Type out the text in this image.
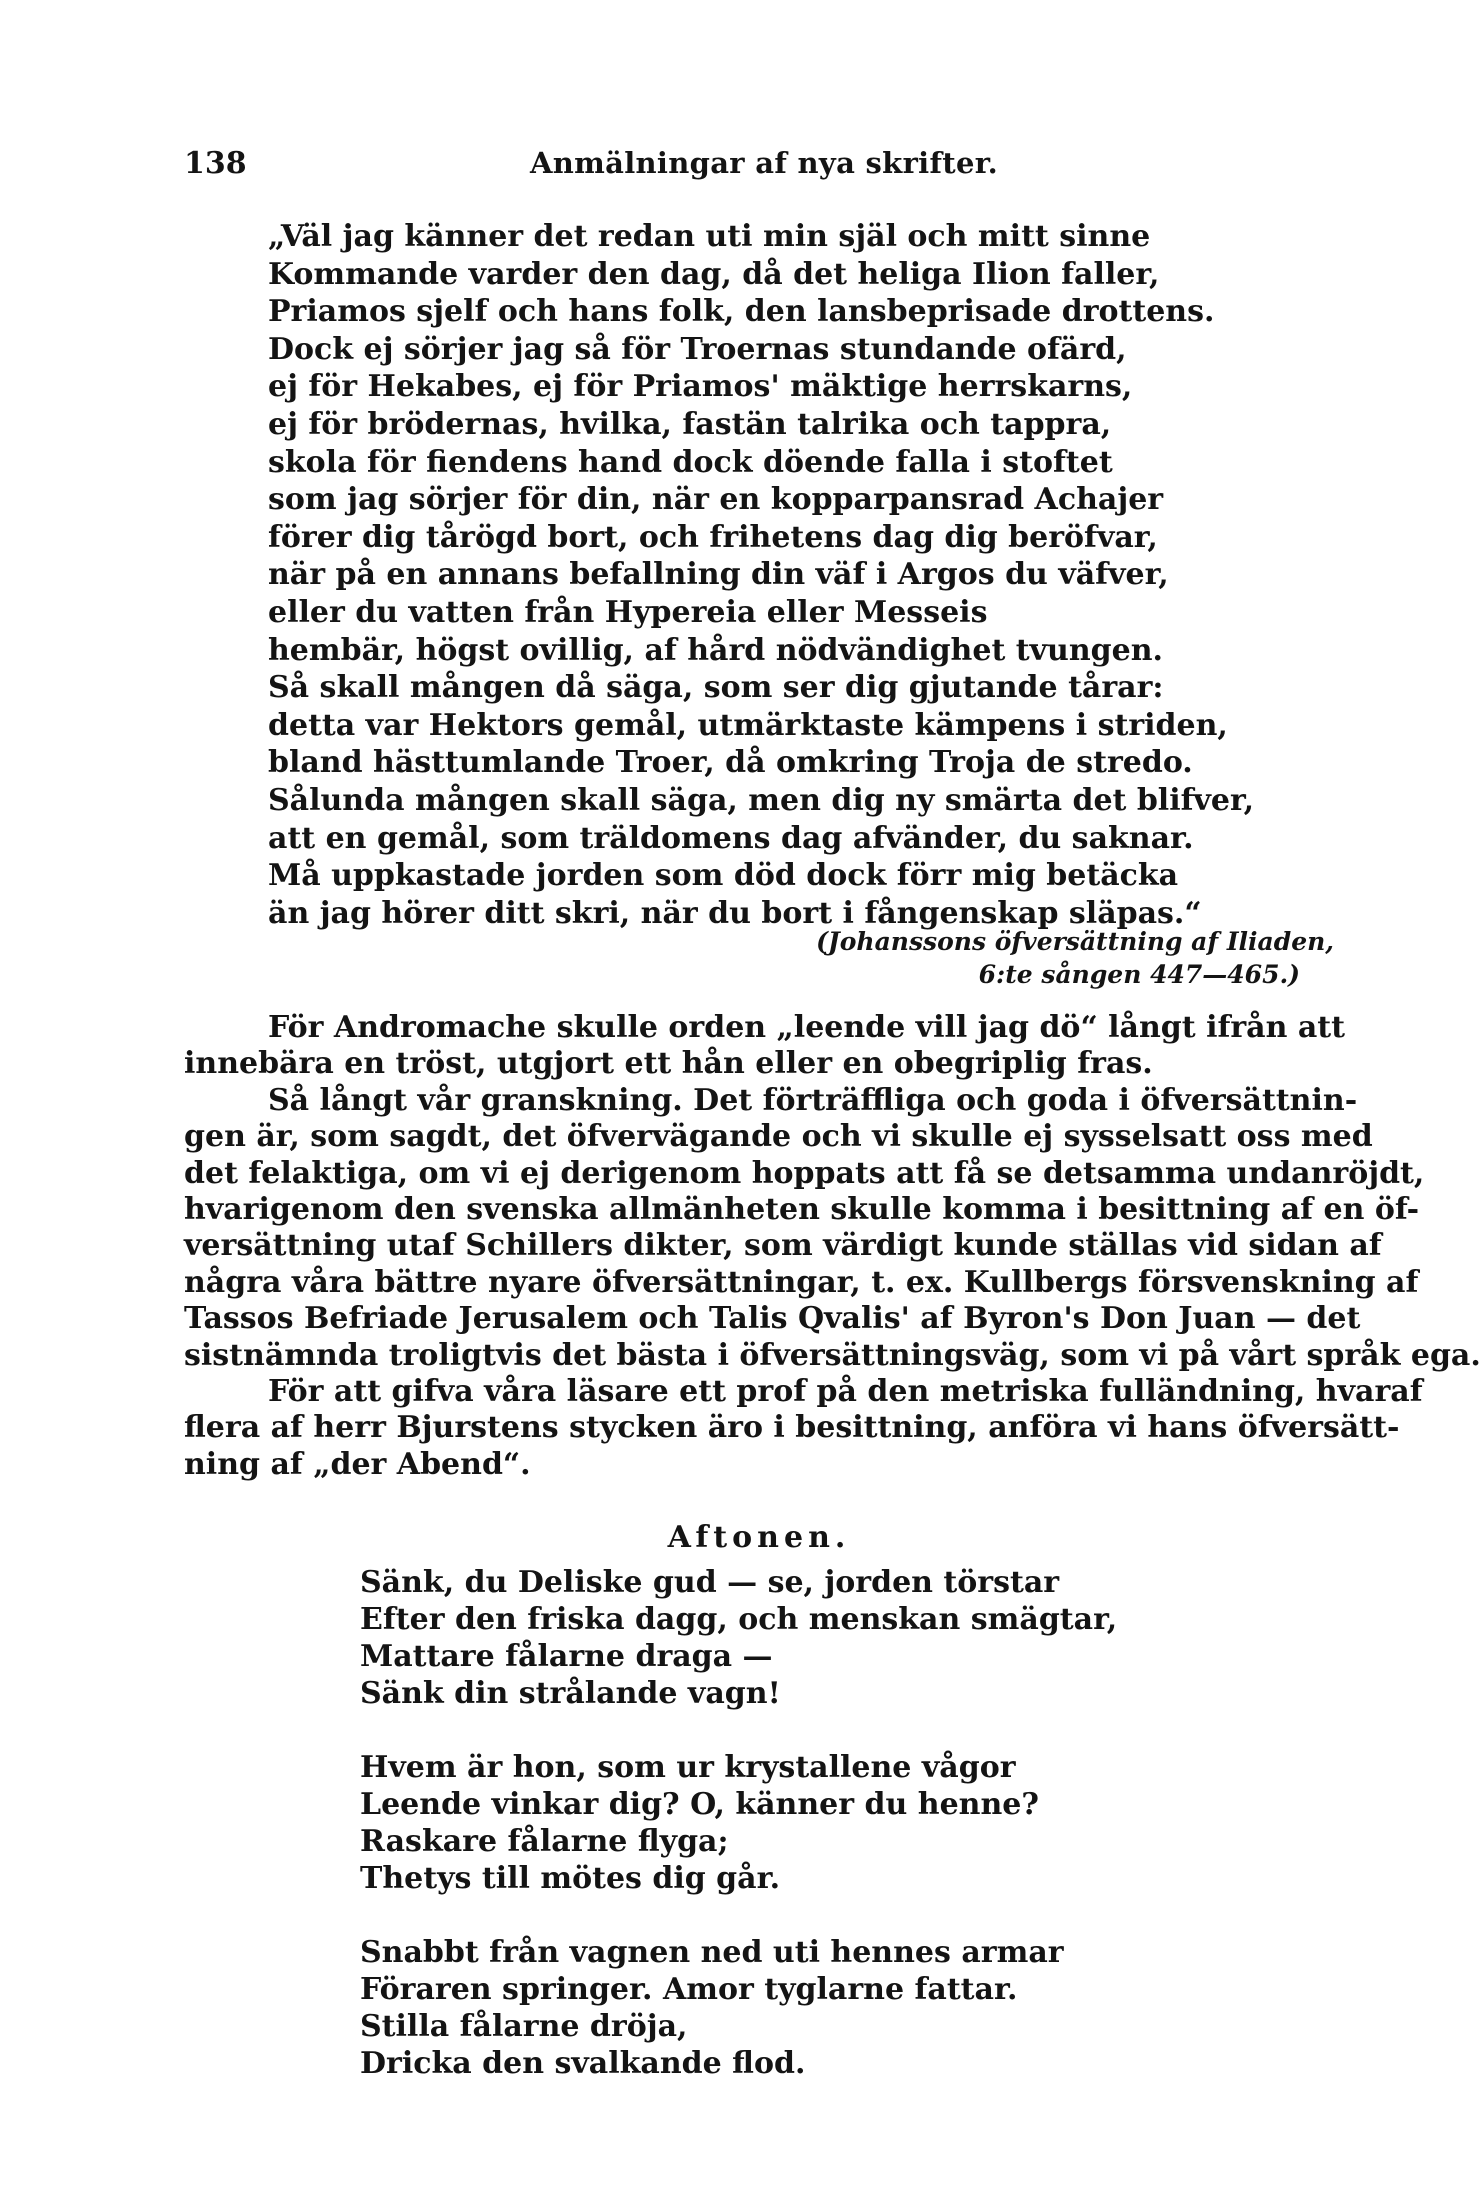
138	Anmälningar af nya skrifter.
„Väl jag känner det redan uti min själ och mitt sinne
Kommande varder den dag, då det heliga Ilion faller,
Priamos sjelf och hans folk, den lansbeprisade drottens.
Dock ej sörjer jag så för Troernas stundande ofärd,
ej för Hekabes, ej för Priamos' mäktige herrskarns,
ej för brödernas, hvilka, fastän talrika och tappra,
skola för fiendens hand dock döende falla i stoftet
som jag sörjer för din, när en kopparpansrad Achajer
förer dig tårögd bort, och frihetens dag dig beröfvar,
när på en annans befallning din väf i Argos du väfver,
eller du vatten från Hypereia eller Messeis
hembär, högst ovillig, af hård nödvändighet tvungen.
Så skall mången då säga, som ser dig gjutande tårar:
detta var Hektors gemål, utmärktaste kämpens i striden,
bland hästtumlande Troer, då omkring Troja de stredo.
Sålunda mången skall säga, men dig ny smärta det blifver,
att en gemål, som träldomens dag afvänder, du saknar.
Må uppkastade jorden som död dock förr mig betäcka
än jag hörer ditt skri, när du bort i fångenskap släpas.“
(Johanssons öfversättning af Iliaden,
6:te sången 447—465.)
För Andromache skulle orden „leende vill jag dö“ långt ifrån att
innebära en tröst, utgjort ett hån eller en obegriplig fras.
Så långt vår granskning. Det förträffliga och goda i öfversättnin-
gen är, som sagdt, det öfvervägande och vi skulle ej sysselsatt oss med
det felaktiga, om vi ej derigenom hoppats att få se detsamma undanröjdt,
hvarigenom den svenska allmänheten skulle komma i besittning af en öf-
versättning utaf Schillers dikter, som värdigt kunde ställas vid sidan af
några våra bättre nyare öfversättningar, t. ex. Kullbergs försvenskning af
Tassos Befriade Jerusalem och Talis Qvalis' af Byron's Don Juan — det
sistnämnda troligtvis det bästa i öfversättningsväg, som vi på vårt språk ega.
För att gifva våra läsare ett prof på den metriska fulländning, hvaraf
flera af herr Bjurstens stycken äro i besittning, anföra vi hans öfversätt-
ning af „der Abend“.
Aftonen.
Sänk, du Deliske gud — se, jorden törstar
Efter den friska dagg, och menskan smägtar,
Mattare fålarne draga —
Sänk din strålande vagn!
Hvem är hon, som ur krystallene vågor
Leende vinkar dig? O, känner du henne?
Raskare fålarne flyga;
Thetys till mötes dig går.
Snabbt från vagnen ned uti hennes armar
Föraren springer. Amor tyglarne fattar.
Stilla fålarne dröja,
Dricka den svalkande flod.
